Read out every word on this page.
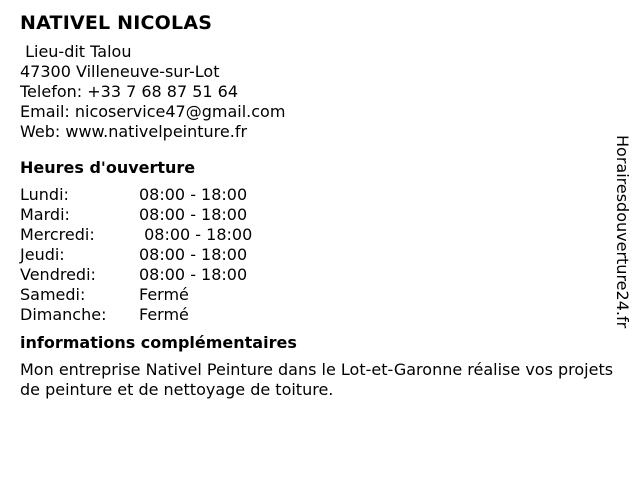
NATIVEL NICOLAS
Lieu-dit Talou
47300 Villeneuve-sur-Lot
Telefon: +33 7 68 87 51 64
Email: nicoservice47@gmail.com
Web: www.nativelpeinture.fr
Heures d'ouverture
Lundi:	08:00 - 18:00
Mardi:	08:00 - 18:00
Mercredi:	08:00 - 18:00
Jeudi:	08:00 - 18:00
Vendredi:	08:00 - 18:00
Samedi:	Fermé
Dimanche:	Fermé
informations complémentaires
Mon entreprise Nativel Peinture dans le Lot-et-Garonne réalise vos projets de peinture et de nettoyage de toiture.
Horairesdouverture24.fr
